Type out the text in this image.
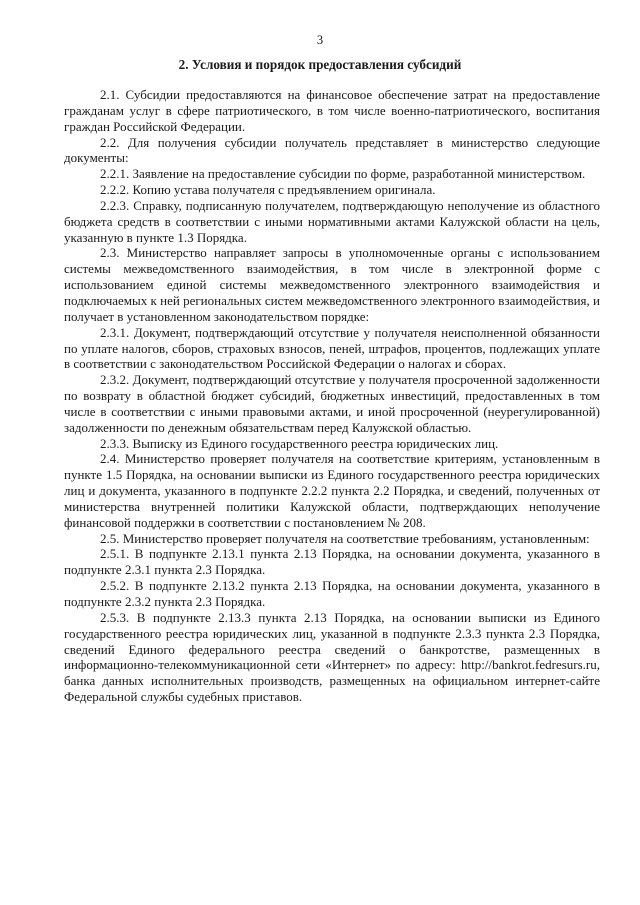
3
2. Условия и порядок предоставления субсидий

2.1. Субсидии предоставляются на финансовое обеспечение затрат на предоставление гражданам услуг в сфере патриотического, в том числе военно-патриотического, воспитания граждан Российской Федерации.

2.2. Для получения субсидии получатель представляет в министерство следующие документы:

2.2.1. Заявление на предоставление субсидии по форме, разработанной министерством.

2.2.2. Копию устава получателя с предъявлением оригинала.

2.2.3. Справку, подписанную получателем, подтверждающую неполучение из областного бюджета средств в соответствии с иными нормативными актами Калужской области на цель, указанную в пункте 1.3 Порядка.

2.3. Министерство направляет запросы в уполномоченные органы с использованием системы межведомственного взаимодействия, в том числе в электронной форме с использованием единой системы межведомственного электронного взаимодействия и подключаемых к ней региональных систем межведомственного электронного взаимодействия, и получает в установленном законодательством порядке:

2.3.1. Документ, подтверждающий отсутствие у получателя неисполненной обязанности по уплате налогов, сборов, страховых взносов, пеней, штрафов, процентов, подлежащих уплате в соответствии с законодательством Российской Федерации о налогах и сборах.

2.3.2. Документ, подтверждающий отсутствие у получателя просроченной задолженности по возврату в областной бюджет субсидий, бюджетных инвестиций, предоставленных в том числе в соответствии с иными правовыми актами, и иной просроченной (неурегулированной) задолженности по денежным обязательствам перед Калужской областью.

2.3.3. Выписку из Единого государственного реестра юридических лиц.

2.4. Министерство проверяет получателя на соответствие критериям, установленным в пункте 1.5 Порядка, на основании выписки из Единого государственного реестра юридических лиц и документа, указанного в подпункте 2.2.2 пункта 2.2 Порядка, и сведений, полученных от министерства внутренней политики Калужской области, подтверждающих неполучение финансовой поддержки в соответствии с постановлением № 208.

2.5. Министерство проверяет получателя на соответствие требованиям, установленным:

2.5.1. В подпункте 2.13.1 пункта 2.13 Порядка, на основании документа, указанного в подпункте 2.3.1 пункта 2.3 Порядка.

2.5.2. В подпункте 2.13.2 пункта 2.13 Порядка, на основании документа, указанного в подпункте 2.3.2 пункта 2.3 Порядка.

2.5.3. В подпункте 2.13.3 пункта 2.13 Порядка, на основании выписки из Единого государственного реестра юридических лиц, указанной в подпункте 2.3.3 пункта 2.3 Порядка, сведений Единого федерального реестра сведений о банкротстве, размещенных в информационно-телекоммуникационной сети «Интернет» по адресу: http://bankrot.fedresurs.ru, банка данных исполнительных производств, размещенных на официальном интернет-сайте Федеральной службы судебных приставов.
